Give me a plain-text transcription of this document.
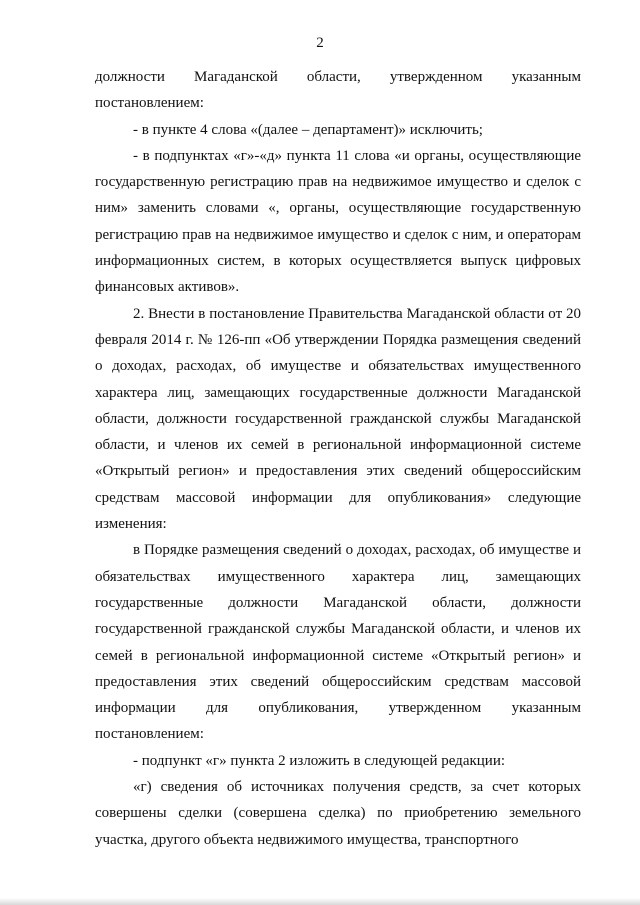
2

должности Магаданской области, утвержденном указанным постановлением:

- в пункте 4 слова «(далее – департамент)» исключить;

- в подпунктах «г»-«д» пункта 11 слова «и органы, осуществляющие государственную регистрацию прав на недвижимое имущество и сделок с ним» заменить словами «, органы, осуществляющие государственную регистрацию прав на недвижимое имущество и сделок с ним, и операторам информационных систем, в которых осуществляется выпуск цифровых финансовых активов».

2. Внести в постановление Правительства Магаданской области от 20 февраля 2014 г. № 126-пп «Об утверждении Порядка размещения сведений о доходах, расходах, об имуществе и обязательствах имущественного характера лиц, замещающих государственные должности Магаданской области, должности государственной гражданской службы Магаданской области, и членов их семей в региональной информационной системе «Открытый регион» и предоставления этих сведений общероссийским средствам массовой информации для опубликования» следующие изменения:

в Порядке размещения сведений о доходах, расходах, об имуществе и обязательствах имущественного характера лиц, замещающих государственные должности Магаданской области, должности государственной гражданской службы Магаданской области, и членов их семей в региональной информационной системе «Открытый регион» и предоставления этих сведений общероссийским средствам массовой информации для опубликования, утвержденном указанным постановлением:

- подпункт «г» пункта 2 изложить в следующей редакции:

«г) сведения об источниках получения средств, за счет которых совершены сделки (совершена сделка) по приобретению земельного участка, другого объекта недвижимого имущества, транспортного
